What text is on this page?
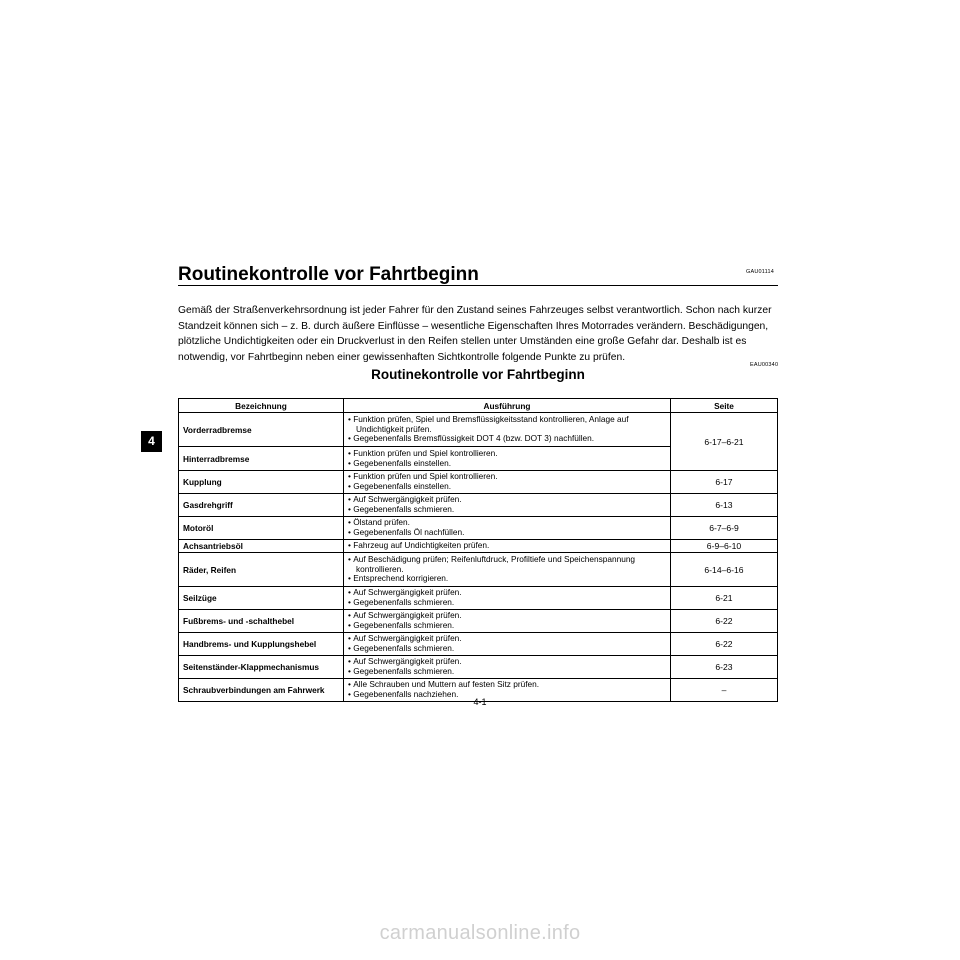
GAU01114
Routinekontrolle vor Fahrtbeginn

Gemäß der Straßenverkehrsordnung ist jeder Fahrer für den Zustand seines Fahrzeuges selbst verantwortlich. Schon nach kurzer Standzeit können sich – z. B. durch äußere Einflüsse – wesentliche Eigenschaften Ihres Motorrades verändern. Beschädigungen, plötzliche Undichtigkeiten oder ein Druckverlust in den Reifen stellen unter Umständen eine große Gefahr dar. Deshalb ist es notwendig, vor Fahrtbeginn neben einer gewissenhaften Sichtkontrolle folgende Punkte zu prüfen.

EAU00340
Routinekontrolle vor Fahrtbeginn
4
Bezeichnung	Ausführung	Seite
Vorderradbremse	• Funktion prüfen, Spiel und Bremsflüssigkeitsstand kontrollieren, Anlage auf Undichtigkeit prüfen.
• Gegebenenfalls Bremsflüssigkeit DOT 4 (bzw. DOT 3) nachfüllen.	6-17–6-21
Hinterradbremse	• Funktion prüfen und Spiel kontrollieren.
• Gegebenenfalls einstellen.

Kupplung	• Funktion prüfen und Spiel kontrollieren.
• Gegebenenfalls einstellen.	6-17
Gasdrehgriff	• Auf Schwergängigkeit prüfen.
• Gegebenenfalls schmieren.	6-13
Motoröl	• Ölstand prüfen.
• Gegebenenfalls Öl nachfüllen.	6-7–6-9
Achsantriebsöl	• Fahrzeug auf Undichtigkeiten prüfen.	6-9–6-10
Räder, Reifen	• Auf Beschädigung prüfen; Reifenluftdruck, Profiltiefe und Speichenspannung kontrollieren.
• Entsprechend korrigieren.	6-14–6-16
Seilzüge	• Auf Schwergängigkeit prüfen.
• Gegebenenfalls schmieren.	6-21
Fußbrems- und -schalthebel	• Auf Schwergängigkeit prüfen.
• Gegebenenfalls schmieren.	6-22
Handbrems- und Kupplungshebel	• Auf Schwergängigkeit prüfen.
• Gegebenenfalls schmieren.	6-22
Seitenständer-Klappmechanismus	• Auf Schwergängigkeit prüfen.
• Gegebenenfalls schmieren.	6-23
Schraubverbindungen am Fahrwerk	• Alle Schrauben und Muttern auf festen Sitz prüfen.
• Gegebenenfalls nachziehen.	–
4-1
carmanualsonline.info
